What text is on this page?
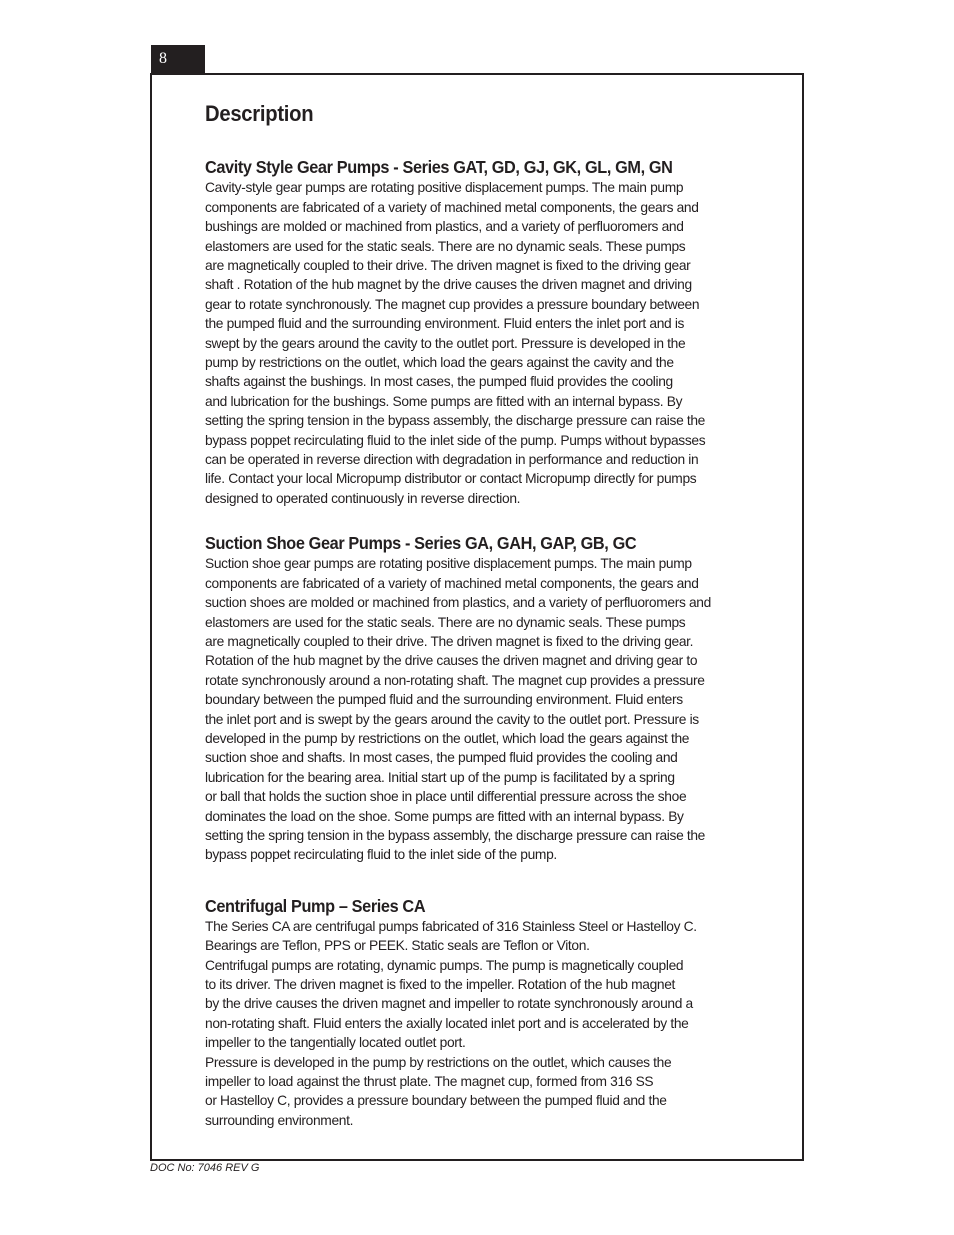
8
Description
Cavity Style Gear Pumps - Series GAT, GD, GJ, GK, GL, GM, GN

Cavity-style gear pumps are rotating positive displacement pumps. The main pump
components are fabricated of a variety of machined metal components, the gears and
bushings are molded or machined from plastics, and a variety of perfluoromers and
elastomers are used for the static seals. There are no dynamic seals. These pumps
are magnetically coupled to their drive. The driven magnet is fixed to the driving gear
shaft . Rotation of the hub magnet by the drive causes the driven magnet and driving
gear to rotate synchronously. The magnet cup provides a pressure boundary between
the pumped fluid and the surrounding environment. Fluid enters the inlet port and is
swept by the gears around the cavity to the outlet port. Pressure is developed in the
pump by restrictions on the outlet, which load the gears against the cavity and the
shafts against the bushings. In most cases, the pumped fluid provides the cooling
and lubrication for the bushings. Some pumps are fitted with an internal bypass. By
setting the spring tension in the bypass assembly, the discharge pressure can raise the
bypass poppet recirculating fluid to the inlet side of the pump. Pumps without bypasses
can be operated in reverse direction with degradation in performance and reduction in
life. Contact your local Micropump distributor or contact Micropump directly for pumps
designed to operated continuously in reverse direction.

Suction Shoe Gear Pumps - Series GA, GAH, GAP, GB, GC

Suction shoe gear pumps are rotating positive displacement pumps. The main pump
components are fabricated of a variety of machined metal components, the gears and
suction shoes are molded or machined from plastics, and a variety of perfluoromers and
elastomers are used for the static seals. There are no dynamic seals. These pumps
are magnetically coupled to their drive. The driven magnet is fixed to the driving gear.
Rotation of the hub magnet by the drive causes the driven magnet and driving gear to
rotate synchronously around a non-rotating shaft. The magnet cup provides a pressure
boundary between the pumped fluid and the surrounding environment. Fluid enters
the inlet port and is swept by the gears around the cavity to the outlet port. Pressure is
developed in the pump by restrictions on the outlet, which load the gears against the
suction shoe and shafts. In most cases, the pumped fluid provides the cooling and
lubrication for the bearing area. Initial start up of the pump is facilitated by a spring
or ball that holds the suction shoe in place until differential pressure across the shoe
dominates the load on the shoe. Some pumps are fitted with an internal bypass. By
setting the spring tension in the bypass assembly, the discharge pressure can raise the
bypass poppet recirculating fluid to the inlet side of the pump.

Centrifugal Pump – Series CA

The Series CA are centrifugal pumps fabricated of 316 Stainless Steel or Hastelloy C.
Bearings are Teflon, PPS or PEEK. Static seals are Teflon or Viton.
Centrifugal pumps are rotating, dynamic pumps. The pump is magnetically coupled
to its driver. The driven magnet is fixed to the impeller. Rotation of the hub magnet
by the drive causes the driven magnet and impeller to rotate synchronously around a
non-rotating shaft. Fluid enters the axially located inlet port and is accelerated by the
impeller to the tangentially located outlet port.
Pressure is developed in the pump by restrictions on the outlet, which causes the
impeller to load against the thrust plate. The magnet cup, formed from 316 SS
or Hastelloy C, provides a pressure boundary between the pumped fluid and the
surrounding environment.

DOC No: 7046 REV G
